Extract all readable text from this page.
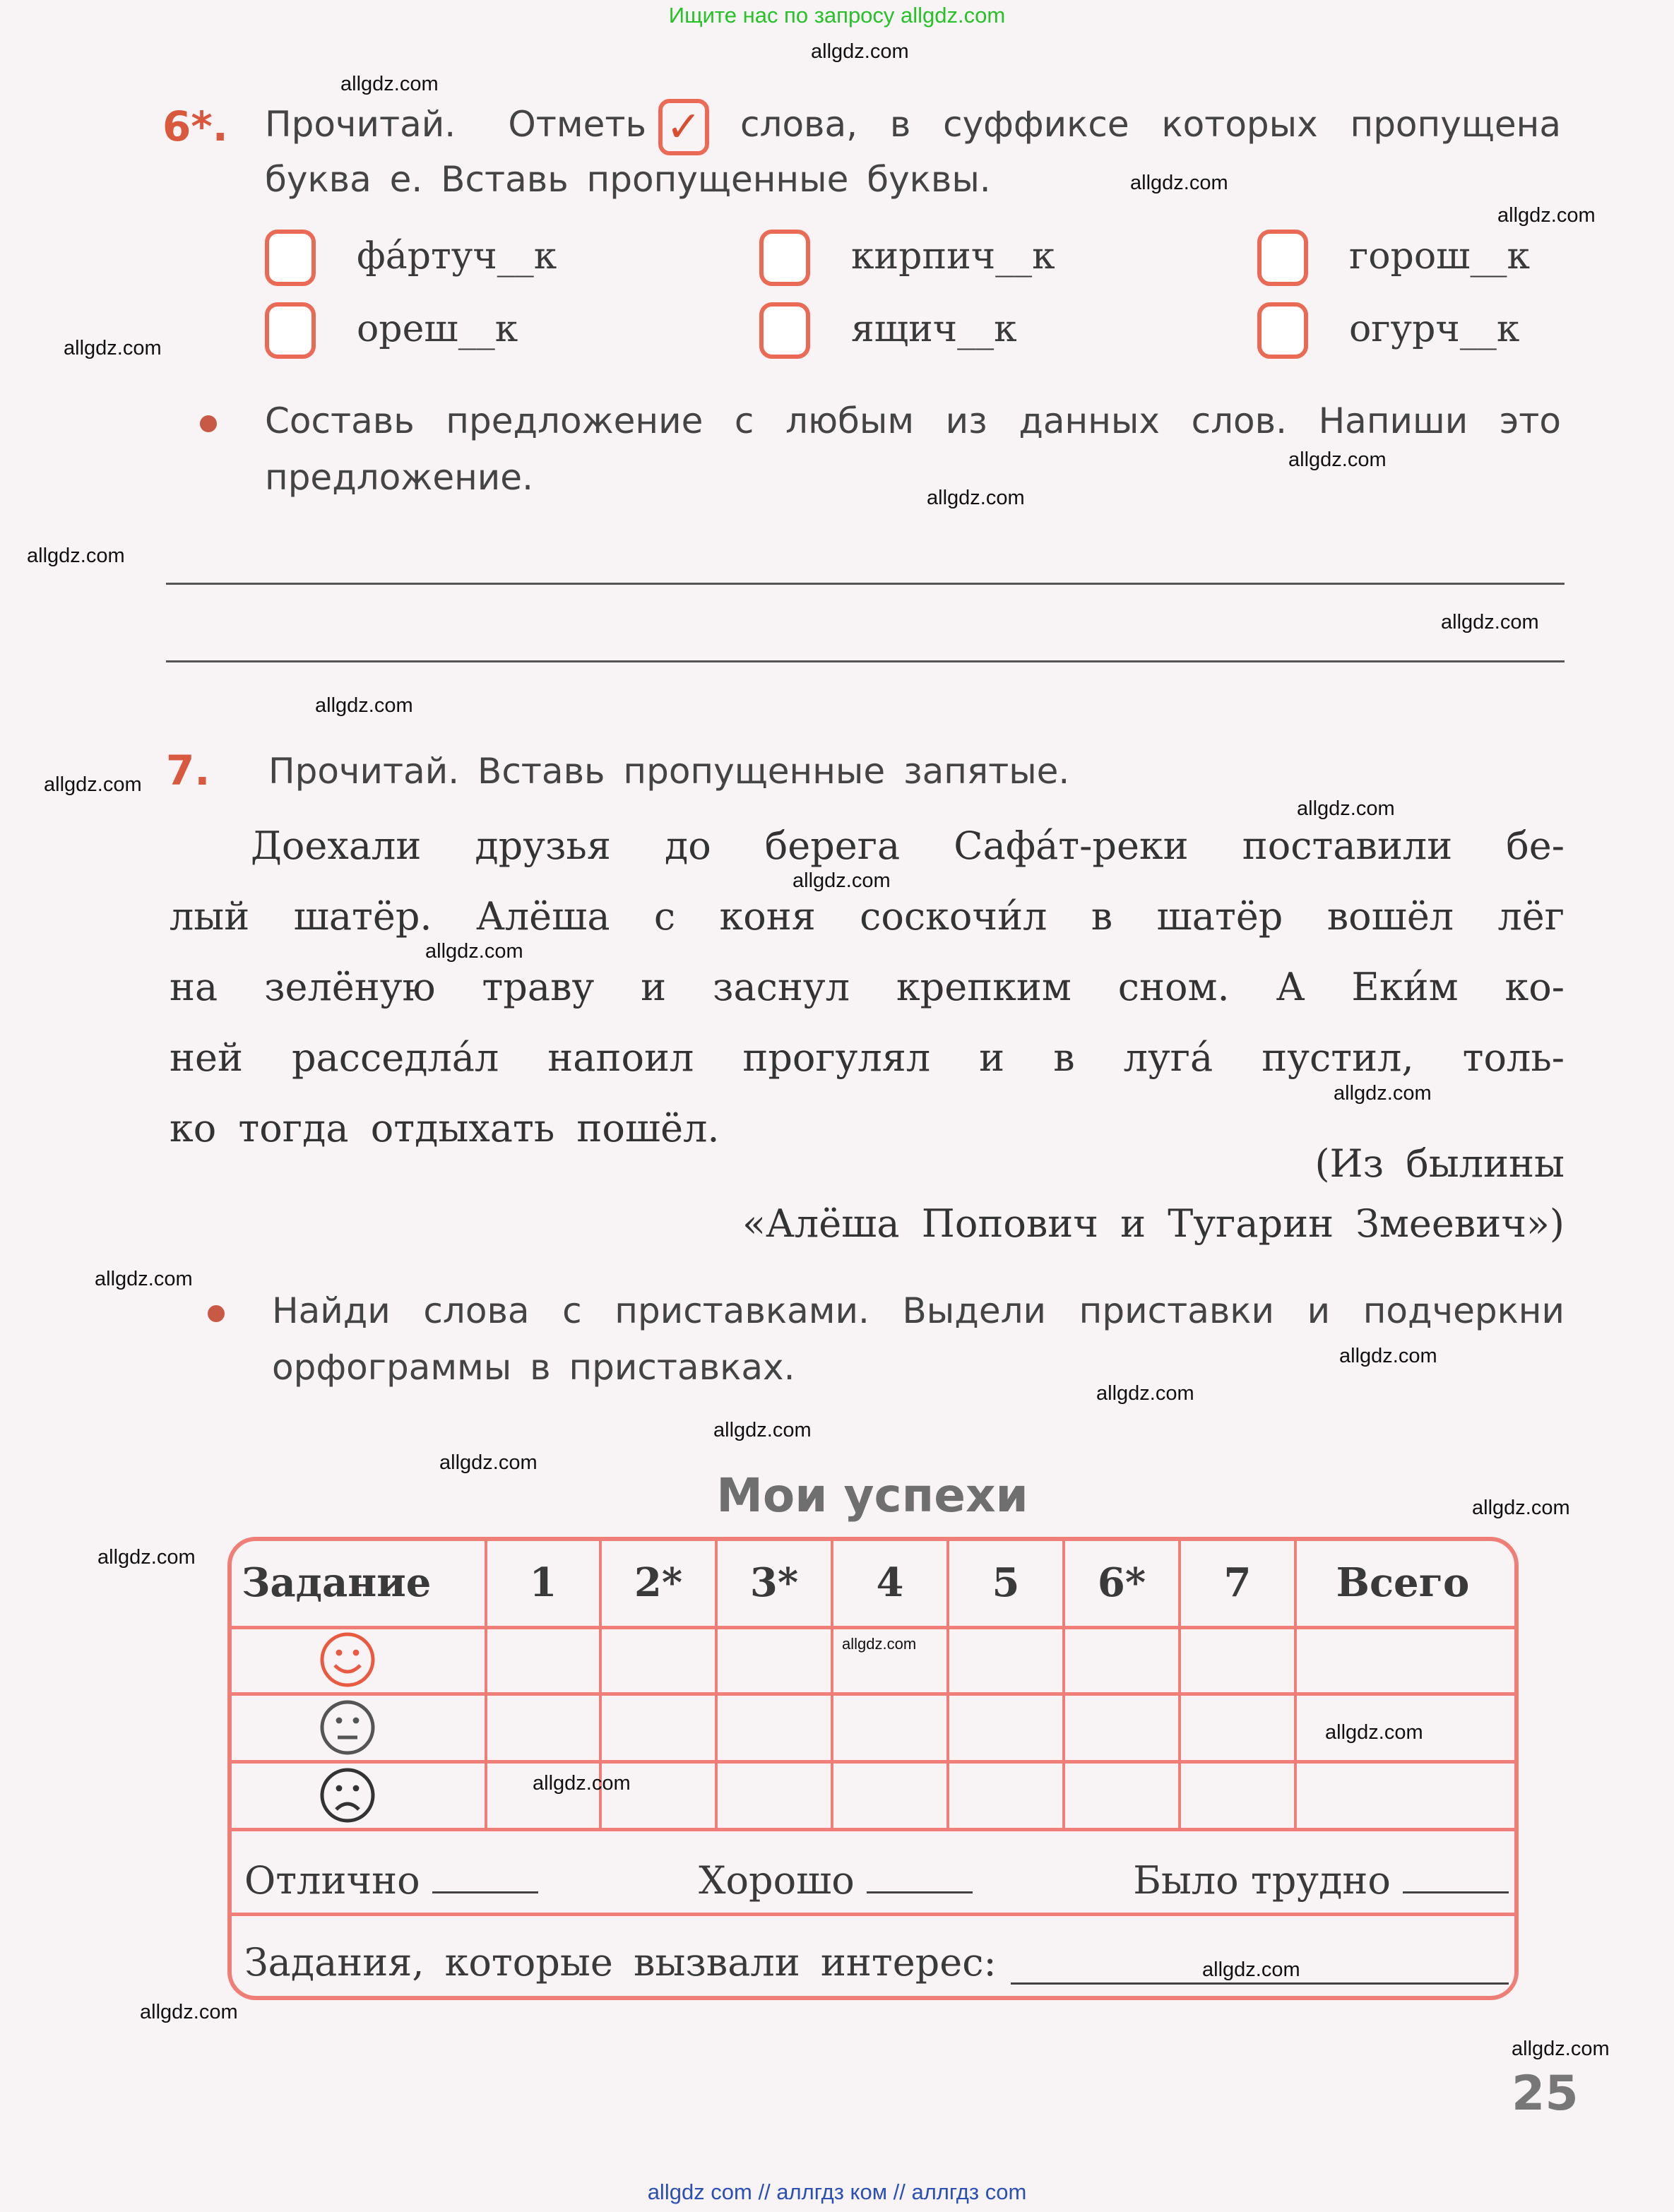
Ищите нас по запросу allgdz.com
6*. Прочитай. Отметь ✓ слова, в суффиксе которых пропущена
буква е. Вставь пропущенные буквы.
фа́ртуч__к	кирпич__к	горош__к
ореш__к	ящич__к	огурч__к
Составь предложение с любым из данных слов. Напиши это
предложение.
7. Прочитай. Вставь пропущенные запятые.
Доехали друзья до берега Сафа́т-реки поставили бе-
лый шатёр. Алёша с коня соскочи́л в шатёр вошёл лёг
на зелёную траву и заснул крепким сном. А Еки́м ко-
ней расседла́л напоил прогулял и в луга́ пустил, толь-
ко тогда отдыхать пошёл.
(Из былины
«Алёша Попович и Тугарин Змеевич»)
Найди слова с приставками. Выдели приставки и подчеркни
орфограммы в приставках.
Мои успехи
Задание	1	2*	3*	4	5	6*	7	Всего
Отлично	Хорошо	Было трудно
Задания, которые вызвали интерес:
25
allgdz.com
allgdz.com
allgdz.com
allgdz.com
allgdz.com
allgdz.com
allgdz.com
allgdz.com
allgdz.com
allgdz.com
allgdz.com
allgdz.com
allgdz.com
allgdz.com
allgdz.com
allgdz.com
allgdz.com
allgdz.com
allgdz.com
allgdz.com
allgdz.com
allgdz.com
allgdz.com
allgdz.com
allgdz.com
allgdz.com
allgdz.com
allgdz.com
allgdz com // аллгдз ком // аллгдз com
